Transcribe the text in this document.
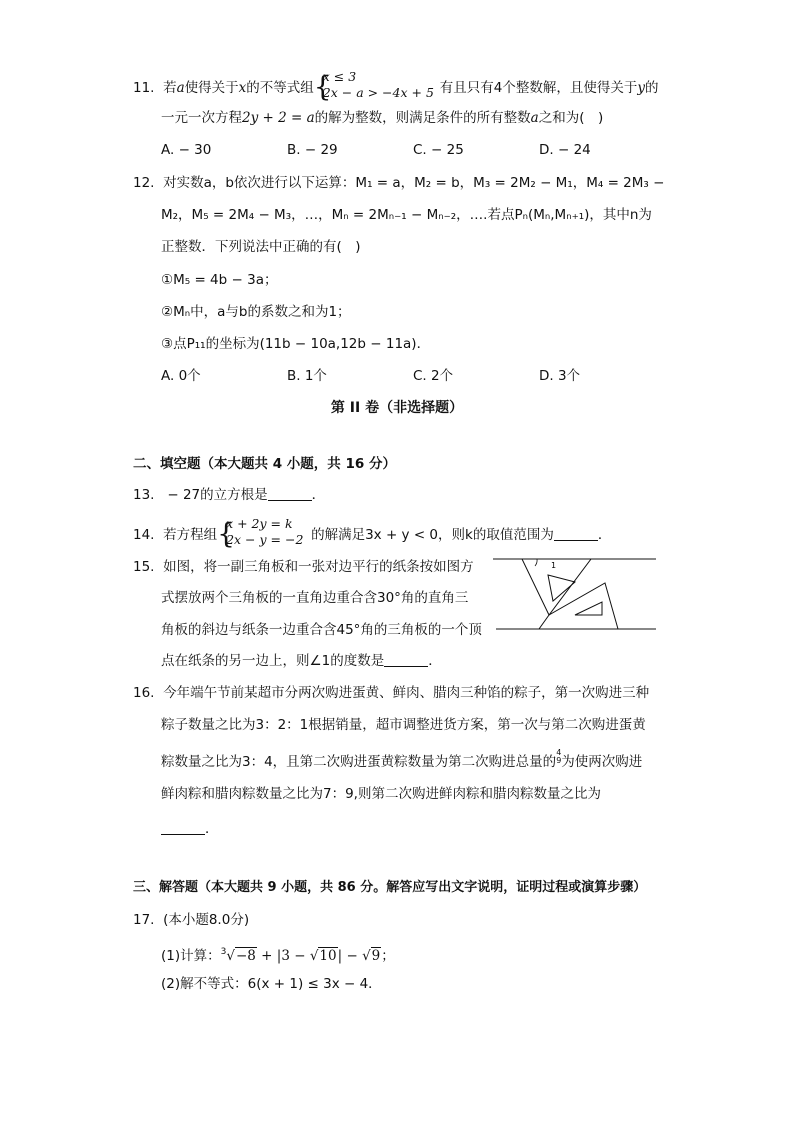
11. 若a使得关于x的不等式组 {
x ≤ 3
2x − a > −4x + 5 有且只有4个整数解，且使得关于y的
一元一次方程2y + 2 = a的解为整数，则满足条件的所有整数a之和为(　)
A. − 30	B. − 29	C. − 25	D. − 24
12. 对实数a，b依次进行以下运算：M₁ = a，M₂ = b，M₃ = 2M₂ − M₁，M₄ = 2M₃ −
M₂，M₅ = 2M₄ − M₃，…，Mₙ = 2Mₙ₋₁ − Mₙ₋₂，….若点Pₙ(Mₙ,Mₙ₊₁)，其中n为
正整数．下列说法中正确的有(　)
①M₅ = 4b − 3a；
②Mₙ中，a与b的系数之和为1；
③点P₁₁的坐标为(11b − 10a,12b − 11a)．
A. 0个	B. 1个	C. 2个	D. 3个
第 II 卷（非选择题）
二、填空题（本大题共 4 小题，共 16 分）
13.   − 27的立方根是	．
14. 若方程组 {
x + 2y = k
2x − y = −2 的解满足3x + y < 0，则k的取值范围为	．
15. 如图，将一副三角板和一张对边平行的纸条按如图方
式摆放两个三角板的一直角边重合含30°角的直角三
角板的斜边与纸条一边重合含45°角的三角板的一个顶
点在纸条的另一边上，则∠1的度数是	．
1
16. 今年端午节前某超市分两次购进蛋黄、鲜肉、腊肉三种馅的粽子，第一次购进三种
粽子数量之比为3：2：1根据销量，超市调整进货方案，第一次与第二次购进蛋黄
粽数量之比为3：4，且第二次购进蛋黄粽数量为第二次购进总量的4
9为使两次购进
鲜肉粽和腊肉粽数量之比为7：9,则第二次购进鲜肉粽和腊肉粽数量之比为
．
三、解答题（本大题共 9 小题，共 86 分。解答应写出文字说明，证明过程或演算步骤）
17. (本小题8.0分)
(1)计算：$^3$√−8 + |3 − √10| − √9；
(2)解不等式：6(x + 1) ≤ 3x − 4．
